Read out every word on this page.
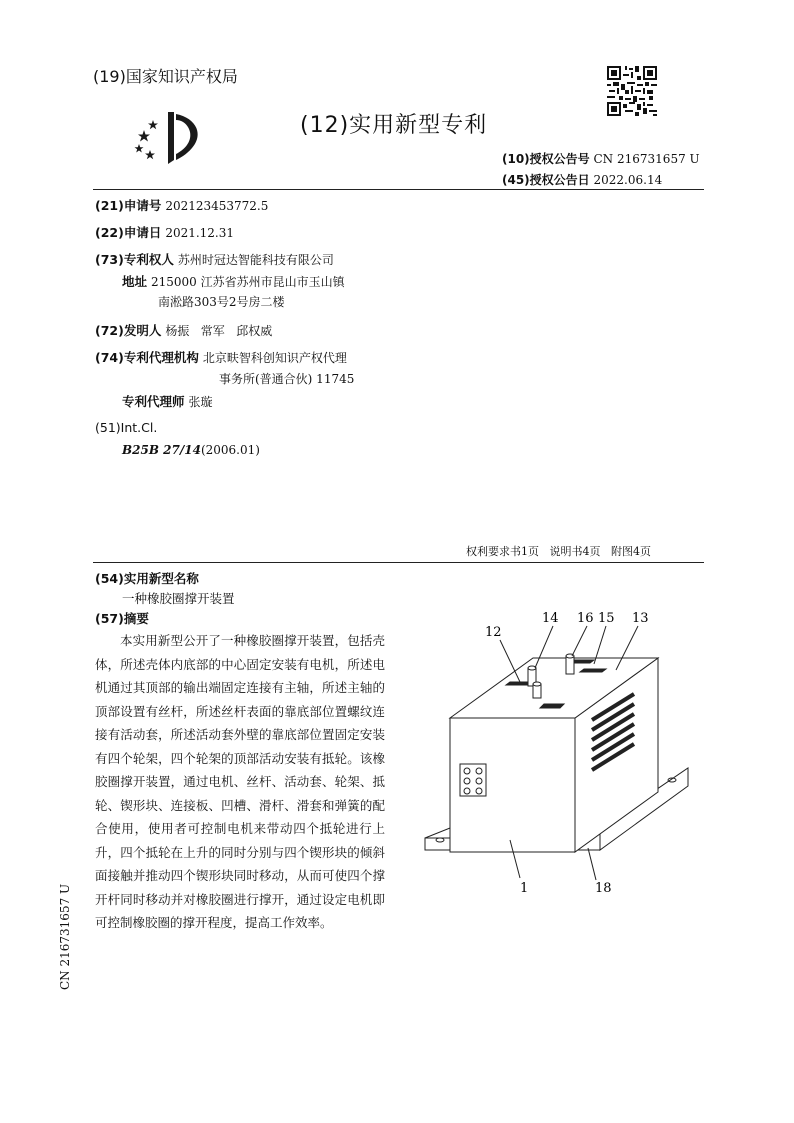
(19)国家知识产权局
(12)实用新型专利
(10)授权公告号 CN 216731657 U
(45)授权公告日 2022.06.14
(21)申请号 202123453772.5
(22)申请日 2021.12.31
(73)专利权人 苏州时冠达智能科技有限公司
地址 215000 江苏省苏州市昆山市玉山镇
南淞路303号2号房二楼
(72)发明人 杨振   常军   邱权威
(74)专利代理机构 北京畉智科创知识产权代理
事务所(普通合伙) 11745
专利代理师 张璇
(51)Int.Cl.
B25B 27/14(2006.01)
权利要求书1页   说明书4页   附图4页
(54)实用新型名称
一种橡胶圈撑开装置
(57)摘要
本实用新型公开了一种橡胶圈撑开装置，包括壳体，所述壳体内底部的中心固定安装有电机，所述电机通过其顶部的输出端固定连接有主轴，所述主轴的顶部设置有丝杆，所述丝杆表面的靠底部位置螺纹连接有活动套，所述活动套外壁的靠底部位置固定安装有四个轮架，四个轮架的顶部活动安装有抵轮。该橡胶圈撑开装置，通过电机、丝杆、活动套、轮架、抵轮、锲形块、连接板、凹槽、滑杆、滑套和弹簧的配合使用，使用者可控制电机来带动四个抵轮进行上升，四个抵轮在上升的同时分别与四个锲形块的倾斜面接触并推动四个锲形块同时移动，从而可使四个撑开杆同时移动并对橡胶圈进行撑开，通过设定电机即可控制橡胶圈的撑开程度，提高工作效率。
CN 216731657 U
12
14 16 15 13
1	18
